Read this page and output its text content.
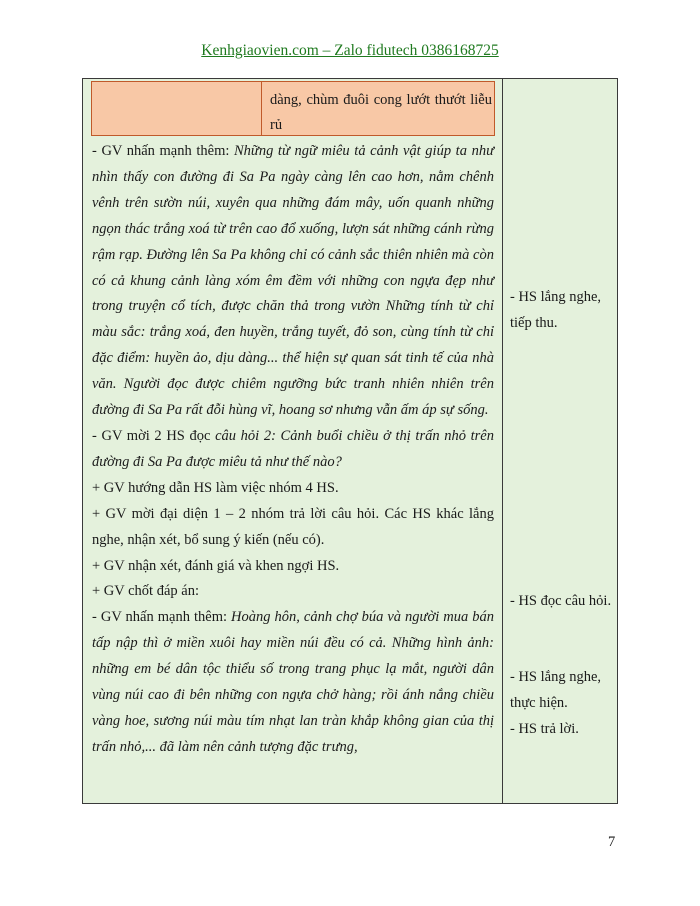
Kenhgiaovien.com – Zalo fidutech 0386168725
dàng, chùm đuôi cong lướt thướt liễu rủ

- GV nhấn mạnh thêm: Những từ ngữ miêu tả cảnh vật giúp ta như nhìn thấy con đường đi Sa Pa ngày càng lên cao hơn, nằm chênh vênh trên sườn núi, xuyên qua những đám mây, uốn quanh những ngọn thác trắng xoá từ trên cao đổ xuống, lượn sát những cánh rừng rậm rạp. Đường lên Sa Pa không chỉ có cảnh sắc thiên nhiên mà còn có cả khung cảnh làng xóm êm đềm với những con ngựa đẹp như trong truyện cổ tích, được chăn thả trong vườn Những tính từ chỉ màu sắc: trắng xoá, đen huyền, trắng tuyết, đỏ son, cùng tính từ chỉ đặc điểm: huyền ảo, dịu dàng... thể hiện sự quan sát tinh tế của nhà văn. Người đọc được chiêm ngưỡng bức tranh nhiên nhiên trên đường đi Sa Pa rất đỗi hùng vĩ, hoang sơ nhưng vẫn ấm áp sự sống.

- GV mời 2 HS đọc câu hỏi 2: Cảnh buổi chiều ở thị trấn nhỏ trên đường đi Sa Pa được miêu tả như thế nào?

+ GV hướng dẫn HS làm việc nhóm 4 HS.

+ GV mời đại diện 1 – 2 nhóm trả lời câu hỏi. Các HS khác lắng nghe, nhận xét, bổ sung ý kiến (nếu có).

+ GV nhận xét, đánh giá và khen ngợi HS.

+ GV chốt đáp án:

- GV nhấn mạnh thêm: Hoàng hôn, cảnh chợ búa và người mua bán tấp nập thì ở miền xuôi hay miền núi đều có cả. Những hình ảnh: những em bé dân tộc thiểu số trong trang phục lạ mắt, người dân vùng núi cao đi bên những con ngựa chở hàng; rồi ánh nắng chiều vàng hoe, sương núi màu tím nhạt lan tràn khắp không gian của thị trấn nhỏ,... đã làm nên cảnh tượng đặc trưng,

- HS lắng nghe, tiếp thu.
- HS đọc câu hỏi.
- HS lắng nghe, thực hiện.
- HS trả lời.
7
